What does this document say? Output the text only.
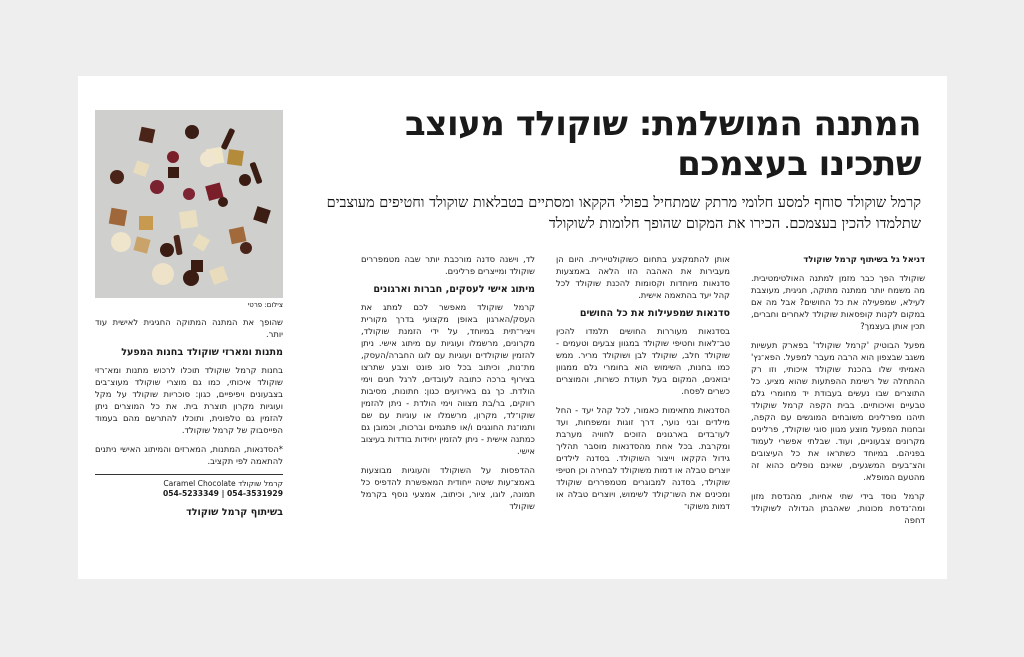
צילום: פרטי
המתנה המושלמת: שוקולד מעוצב
שתכינו בעצמכם

קרמל שוקולד סוחף למסע חלומי מרתק שמתחיל בפולי הקקאו ומסתיים בטבלאות שוקולד וחטיפים מעוצבים שתלמדו להכין בעצמכם. הכירו את המקום שהופך חלומות לשוקולד

דניאל גל בשיתוף קרמל שוקולד

שוקולד הפך כבר מזמן למתנה האולטימטיבית. מה משמח יותר ממתנה מתוקה, חגיגית, מעוצבת לעילא, שמפעילה את כל החושים? אבל מה אם במקום לקנות קופסאות שוקולד לאחרים וחברים, תכין אותן בעצמך?

מפעל הבוטיק 'קרמל שוקולד' בפארק תעשיות משגב שבצפון הוא הרבה מעבר למפעל. הפא־נץ' האמיתי שלו בהכנת שוקולד איכותי, וזו רק ההתחלה של רשימת ההפתעות שהוא מציע. כל התוצרים שבו נעשים בעבודת יד מחומרי גלם טבעיים ואיכותיים. בבית הקפה קרמל שוקולד תיהנו מפרלינים משובחים המוגשים עם הקפה, ובחנות המפעל מוצע מגוון סוגי שוקולד, פרלינים מקרונים צבעוניים, ועוד. שבלתי אפשרי לעמוד בפניהם. במיוחד כשתראו את כל העיצובים והצ־בעים המשגעים, שאינם נופלים כהוא זה מהטעם המופלא.

קרמל נוסד בידי שתי אחיות, מהנדסת מזון ומה־נדסת מכונות, שאהבתן הגדולה לשוקולד דחפה

אותן להתמקצע בתחום כשוקולטיירית. היום הן מעבירות את האהבה הזו הלאה באמצעות סדנאות מיוחדות וקסומות להכנת שוקולד לכל קהל יעד בהתאמה אישית.

סדנאות שמפעילות את כל החושים

בסדנאות מעוררות החושים תלמדו להכין טב־לאות וחטיפי שוקולד במגוון צבעים וטעמים - שוקולד חלב, שוקולד לבן ושוקולד מריר. ממש כמו בחנות, השימוש הוא בחומרי גלם ממגוון יבואנים, המקום בעל תעודת כשרות, והמוצרים כשרים לפסח.

הסדנאות מתאימות כאמור, לכל קהל יעד - החל מילדים ובני נוער, דרך זוגות ומשפחות, ועד לעו־בדים בארגונים הזוכים לחוויה מערבת ומקרבת. בכל אחת מהסדנאות מוסבר תהליך גידול הקקאו וייצור השוקולד. בסדנה לילדים יוצרים טבלה או דמות משוקולד לבחירה וכן חטיפי שוקולד, בסדנה למבוגרים מטמפררים שוקולד ומכינים את השו־קולד לשימוש, ויוצרים טבלה או דמות משוקו־

לד, וישנה סדנה מורכבת יותר שבה מטמפררים שוקולד ומייצרים פרלינים.

מיתוג אישי לעסקים, חברות וארגונים

קרמל שוקולד מאפשר לכם למתג את העסק/הארגון באופן מקצועי בדרך מקורית ויציר־תית במיוחד, על ידי הזמנת שוקולד, מקרונים, מרשמלו ועוגיות עם מיתוג אישי. ניתן להזמין שוקולדים ועוגיות עם לוגו החברה/העסק, מת־נות, וכיתוב בכל סוג פונט וצבע שתרצו בצירוף ברכה כתובה לעובדים, לרגל חגים וימי הולדת. כך גם באירועים כגון: חתונות, מסיבות רווקים, בר/בת מצווה וימי הולדת - ניתן להזמין שוקו־לד, מקרון, מרשמלו או עוגיות עם שם ותמו־נת החוגגים ו/או פתגמים וברכות, וכמובן גם כמתנה אישית - ניתן להזמין יחידות בודדות בעיצוב אישי.

ההדפסות על השוקולד והעוגיות מבוצעות באמצ־עות שיטה ייחודית המאפשרת להדפיס כל תמונה, לוגו, ציור, וכיתוב, אמצעי נוסף בקרמל שוקולד

שהופך את המתנה המתוקה החגיגית לאישית עוד יותר.

מתנות ומארזי שוקולד בחנות המפעל

בחנות קרמל שוקולד תוכלו לרכוש מתנות ומא־רזי שוקולד איכותי, כמו גם מוצרי שוקולד מעוצ־בים בצבעונים ויפיפיים, כגון: סוכריות שוקולד על מקל ועוגיות מקרון תוצרת בית. את כל המוצרים ניתן להזמין גם טלפונית, ותוכלו להתרשם מהם בעמוד הפייסבוק של קרמל שוקולד.

*הסדנאות, המתנות, המארזים והמיתוג האישי ניתנים להתאמה לפי תקציב.

קרמל שוקולד Caramel Chocolate
054-3531929 | 054-5233349
בשיתוף קרמל שוקולד
